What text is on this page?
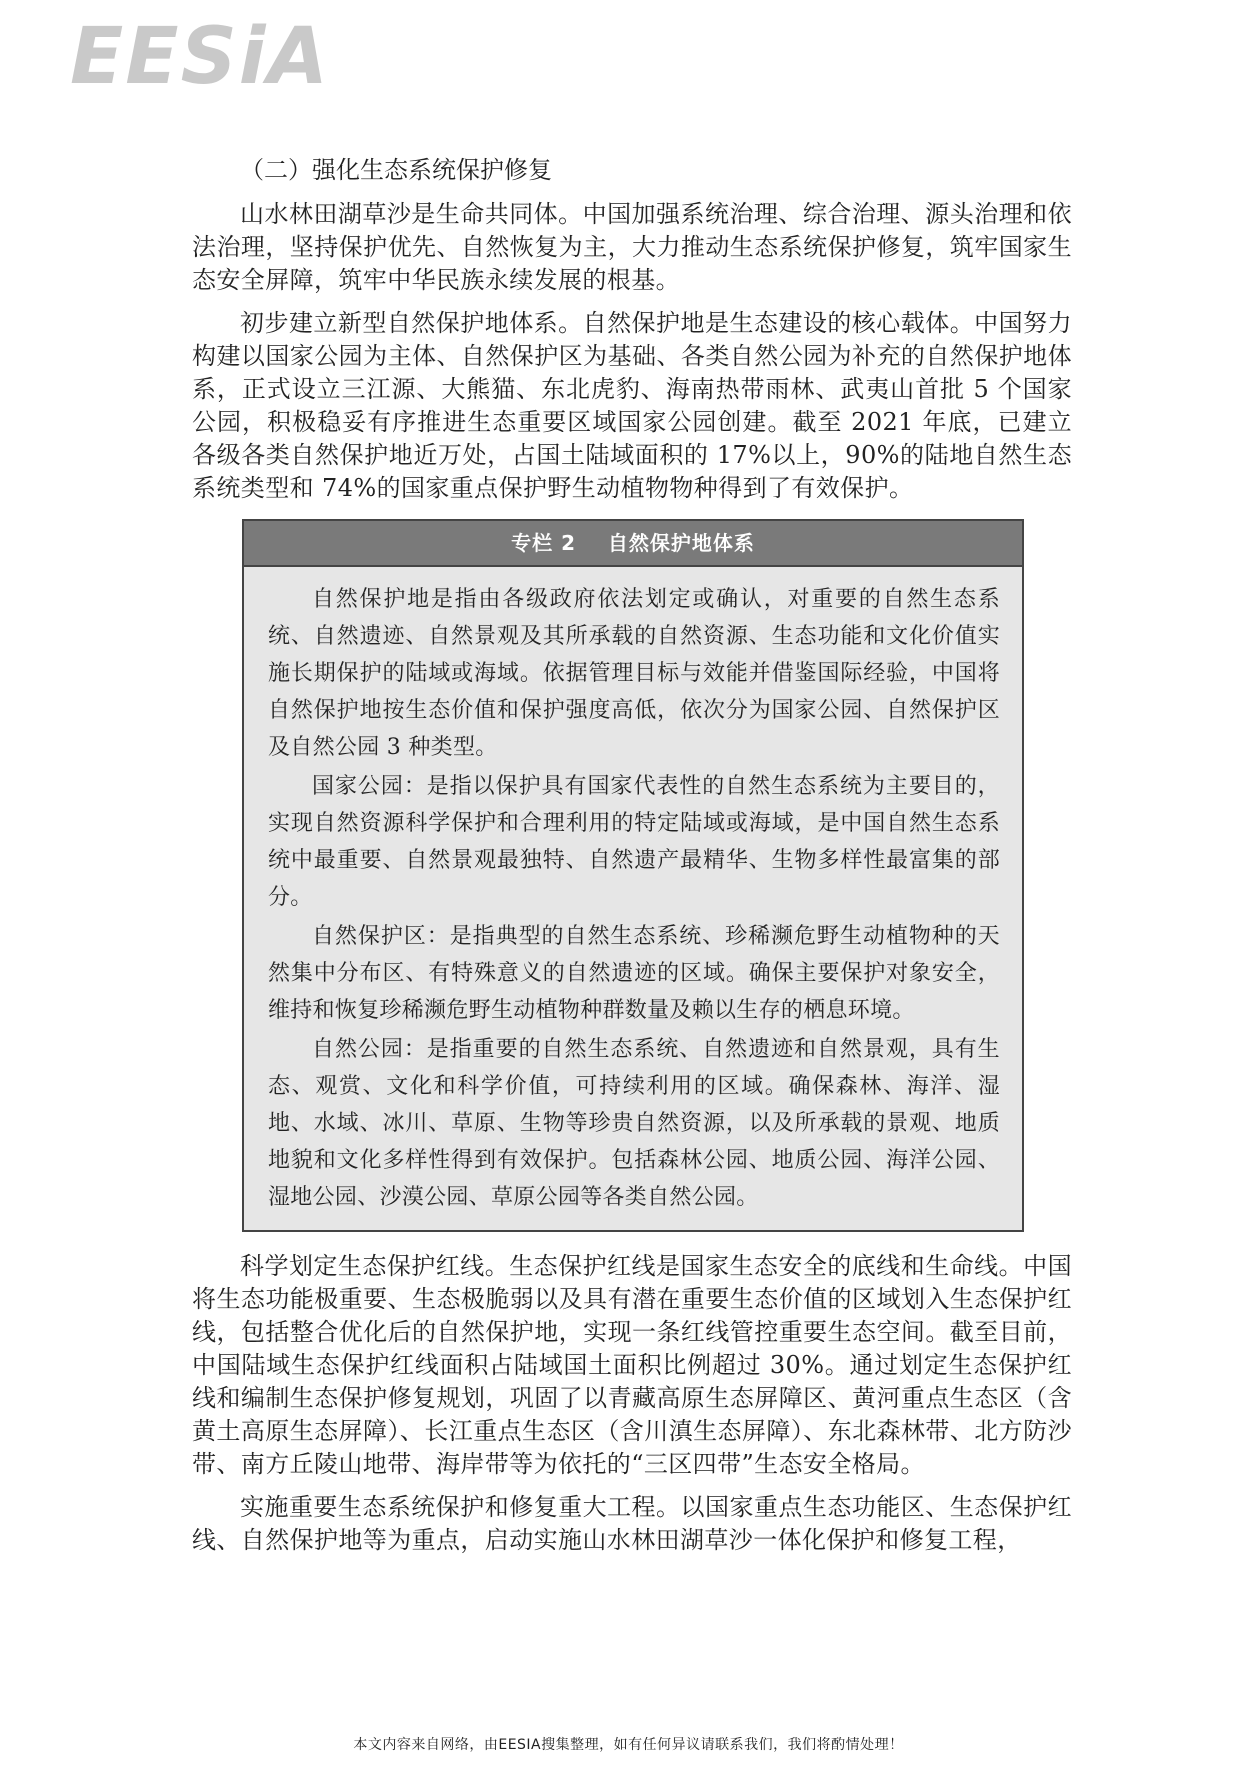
EESiA
（二）强化生态系统保护修复

山水林田湖草沙是生命共同体。中国加强系统治理、综合治理、源头治理和依法治理，坚持保护优先、自然恢复为主，大力推动生态系统保护修复，筑牢国家生态安全屏障，筑牢中华民族永续发展的根基。

初步建立新型自然保护地体系。自然保护地是生态建设的核心载体。中国努力构建以国家公园为主体、自然保护区为基础、各类自然公园为补充的自然保护地体系，正式设立三江源、大熊猫、东北虎豹、海南热带雨林、武夷山首批 5 个国家公园，积极稳妥有序推进生态重要区域国家公园创建。截至 2021 年底，已建立各级各类自然保护地近万处，占国土陆域面积的 17%以上，90%的陆地自然生态系统类型和 74%的国家重点保护野生动植物物种得到了有效保护。

专栏 2    自然保护地体系

自然保护地是指由各级政府依法划定或确认，对重要的自然生态系统、自然遗迹、自然景观及其所承载的自然资源、生态功能和文化价值实施长期保护的陆域或海域。依据管理目标与效能并借鉴国际经验，中国将自然保护地按生态价值和保护强度高低，依次分为国家公园、自然保护区及自然公园 3 种类型。

国家公园：是指以保护具有国家代表性的自然生态系统为主要目的，实现自然资源科学保护和合理利用的特定陆域或海域，是中国自然生态系统中最重要、自然景观最独特、自然遗产最精华、生物多样性最富集的部分。

自然保护区：是指典型的自然生态系统、珍稀濒危野生动植物种的天然集中分布区、有特殊意义的自然遗迹的区域。确保主要保护对象安全，维持和恢复珍稀濒危野生动植物种群数量及赖以生存的栖息环境。

自然公园：是指重要的自然生态系统、自然遗迹和自然景观，具有生态、观赏、文化和科学价值，可持续利用的区域。确保森林、海洋、湿地、水域、冰川、草原、生物等珍贵自然资源，以及所承载的景观、地质地貌和文化多样性得到有效保护。包括森林公园、地质公园、海洋公园、湿地公园、沙漠公园、草原公园等各类自然公园。

科学划定生态保护红线。生态保护红线是国家生态安全的底线和生命线。中国将生态功能极重要、生态极脆弱以及具有潜在重要生态价值的区域划入生态保护红线，包括整合优化后的自然保护地，实现一条红线管控重要生态空间。截至目前，中国陆域生态保护红线面积占陆域国土面积比例超过 30%。通过划定生态保护红线和编制生态保护修复规划，巩固了以青藏高原生态屏障区、黄河重点生态区（含黄土高原生态屏障）、长江重点生态区（含川滇生态屏障）、东北森林带、北方防沙带、南方丘陵山地带、海岸带等为依托的“三区四带”生态安全格局。

实施重要生态系统保护和修复重大工程。以国家重点生态功能区、生态保护红线、自然保护地等为重点，启动实施山水林田湖草沙一体化保护和修复工程，

本文内容来自网络，由EESIA搜集整理，如有任何异议请联系我们，我们将酌情处理！
